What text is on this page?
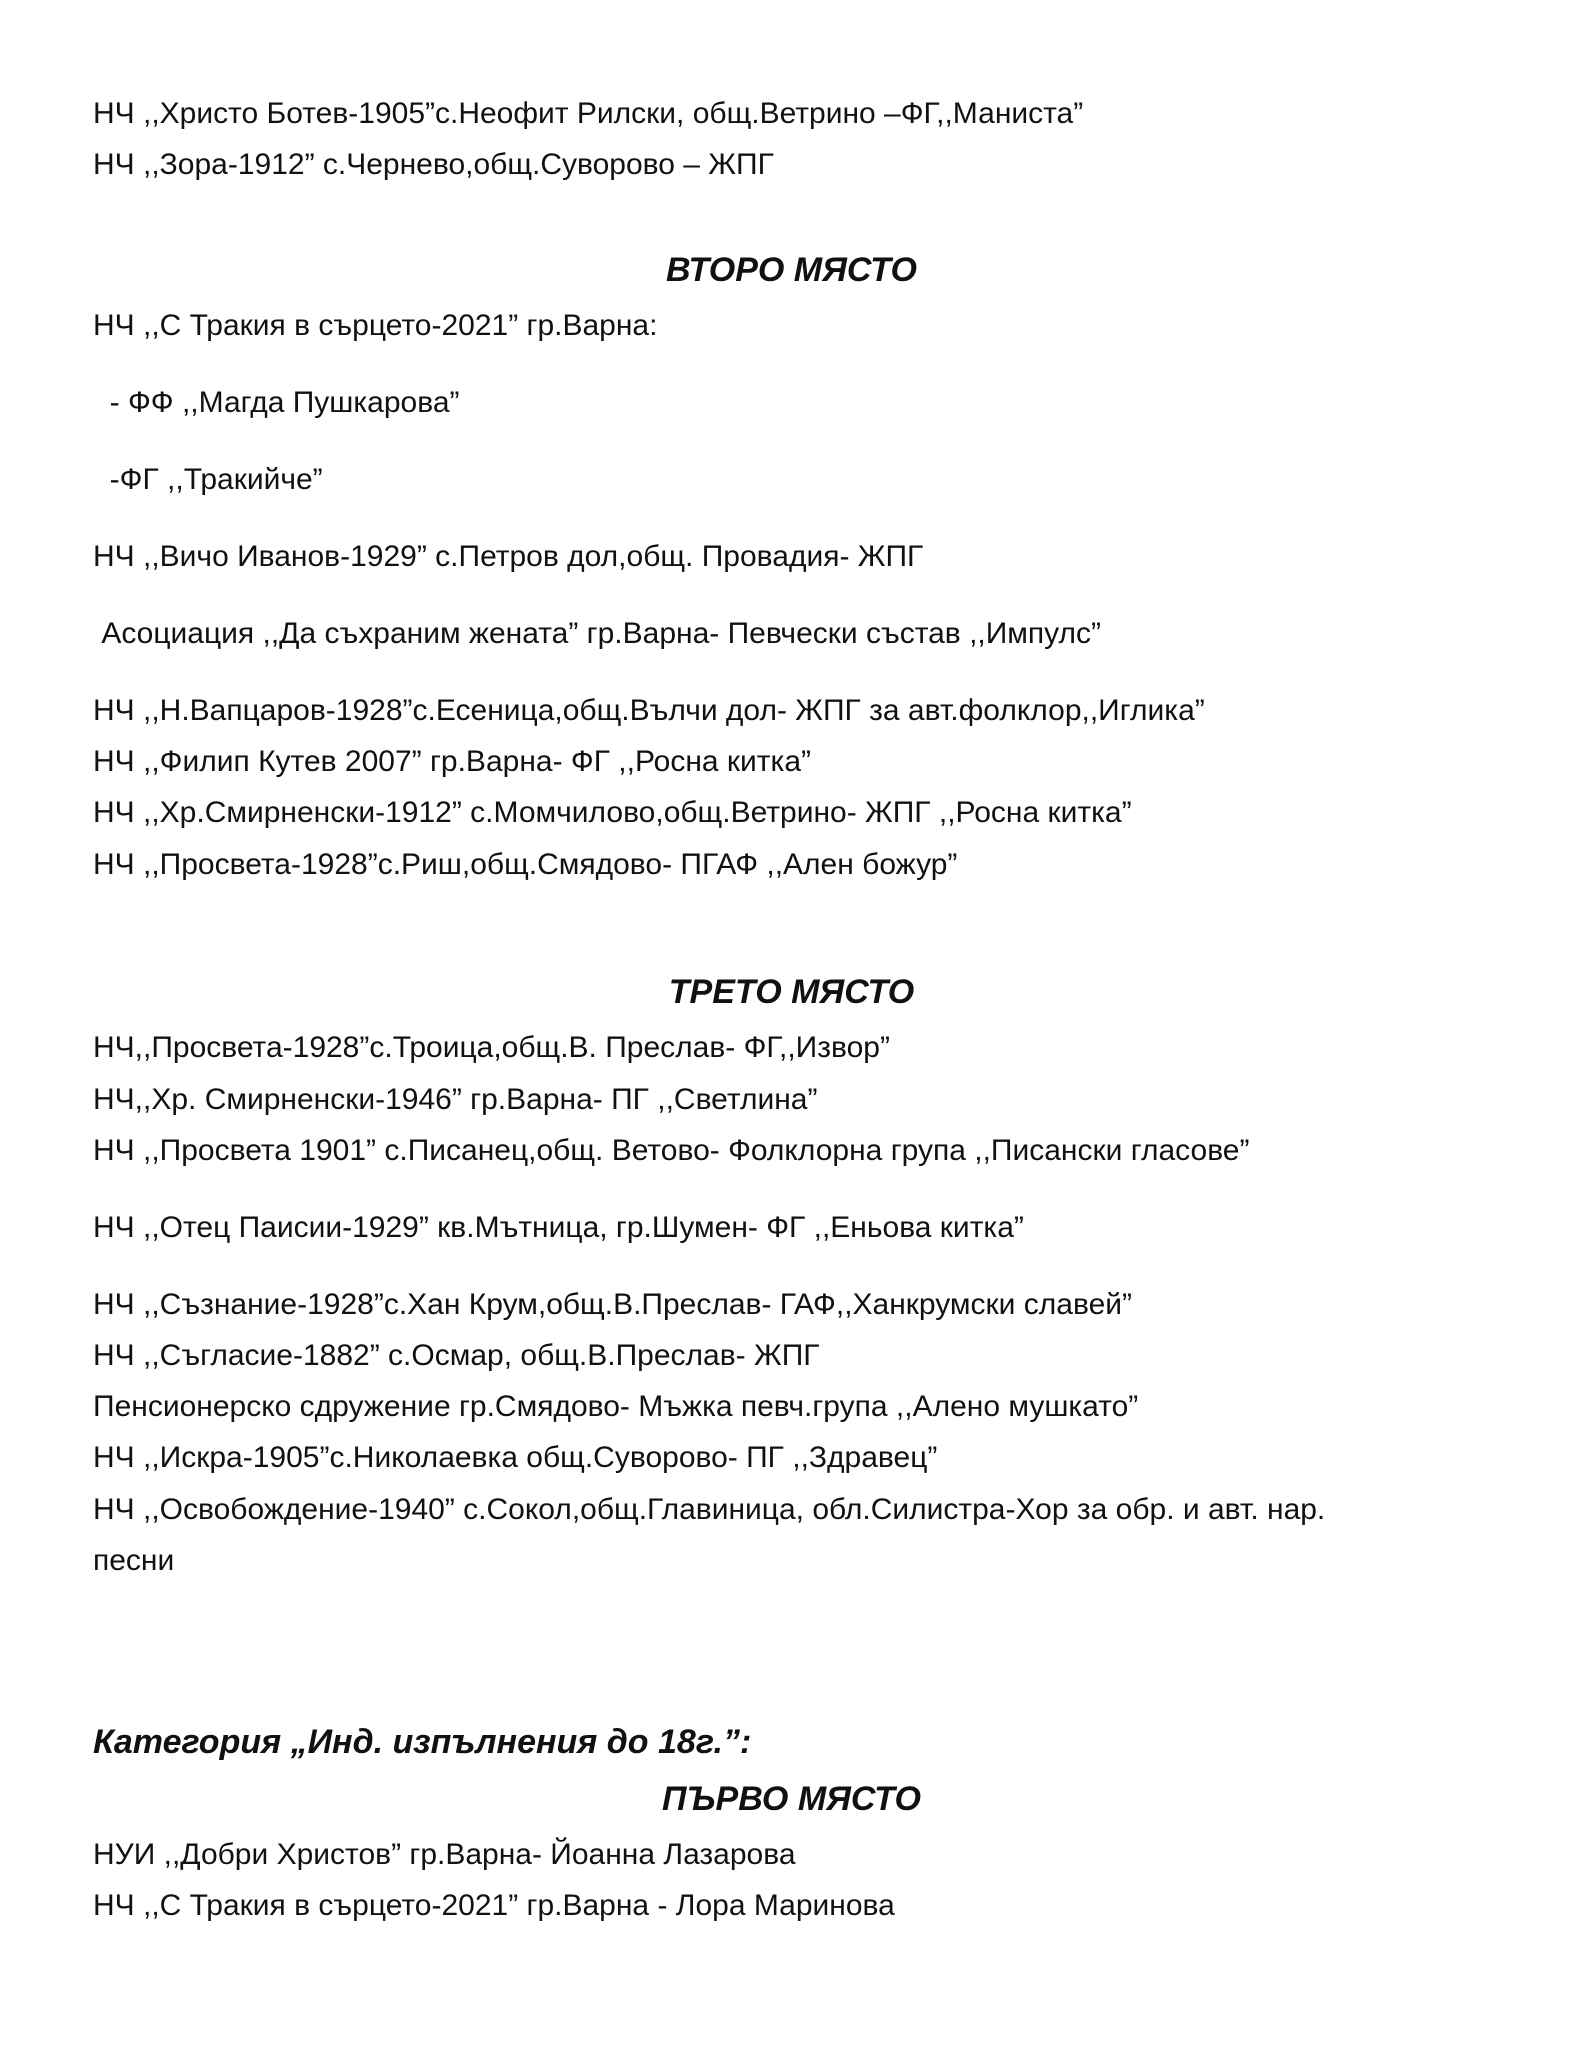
НЧ ,,Христо Ботев-1905”с.Неофит Рилски, общ.Ветрино –ФГ,,Маниста”
НЧ ,,Зора-1912” с.Чернево,общ.Суворово – ЖПГ
ВТОРО МЯСТО
НЧ ,,С Тракия в сърцето-2021” гр.Варна:
- ФФ ,,Магда Пушкарова”
-ФГ ,,Тракийче”
НЧ ,,Вичо Иванов-1929” с.Петров дол,общ. Провадия- ЖПГ
Асоциация ,,Да съхраним жената” гр.Варна- Певчески състав ,,Импулс”
НЧ ,,Н.Вапцаров-1928”с.Есеница,общ.Вълчи дол- ЖПГ за авт.фолклор,,Иглика”
НЧ ,,Филип Кутев 2007” гр.Варна- ФГ ,,Росна китка”
НЧ ,,Хр.Смирненски-1912” с.Момчилово,общ.Ветрино- ЖПГ ,,Росна китка”
НЧ ,,Просвета-1928”с.Риш,общ.Смядово- ПГАФ ,,Ален божур”
ТРЕТО МЯСТО
НЧ,,Просвета-1928”с.Троица,общ.В. Преслав- ФГ,,Извор”
НЧ,,Хр. Смирненски-1946” гр.Варна- ПГ ,,Светлина”
НЧ ,,Просвета 1901” с.Писанец,общ. Ветово- Фолклорна група ,,Писански гласове”
НЧ ,,Отец Паисии-1929” кв.Мътница, гр.Шумен- ФГ ,,Еньова китка”
НЧ ,,Съзнание-1928”с.Хан Крум,общ.В.Преслав- ГАФ,,Ханкрумски славей”
НЧ ,,Съгласие-1882” с.Осмар, общ.В.Преслав- ЖПГ
Пенсионерско сдружение гр.Смядово- Мъжка певч.група ,,Алено мушкато”
НЧ ,,Искра-1905”с.Николаевка общ.Суворово- ПГ ,,Здравец”
НЧ ,,Освобождение-1940” с.Сокол,общ.Главиница, обл.Силистра-Хор за обр. и авт. нар.
песни
Категория „Инд. изпълнения до 18г.”:
ПЪРВО МЯСТО
НУИ ,,Добри Христов” гр.Варна- Йоанна Лазарова
НЧ ,,С Тракия в сърцето-2021” гр.Варна - Лора Маринова
